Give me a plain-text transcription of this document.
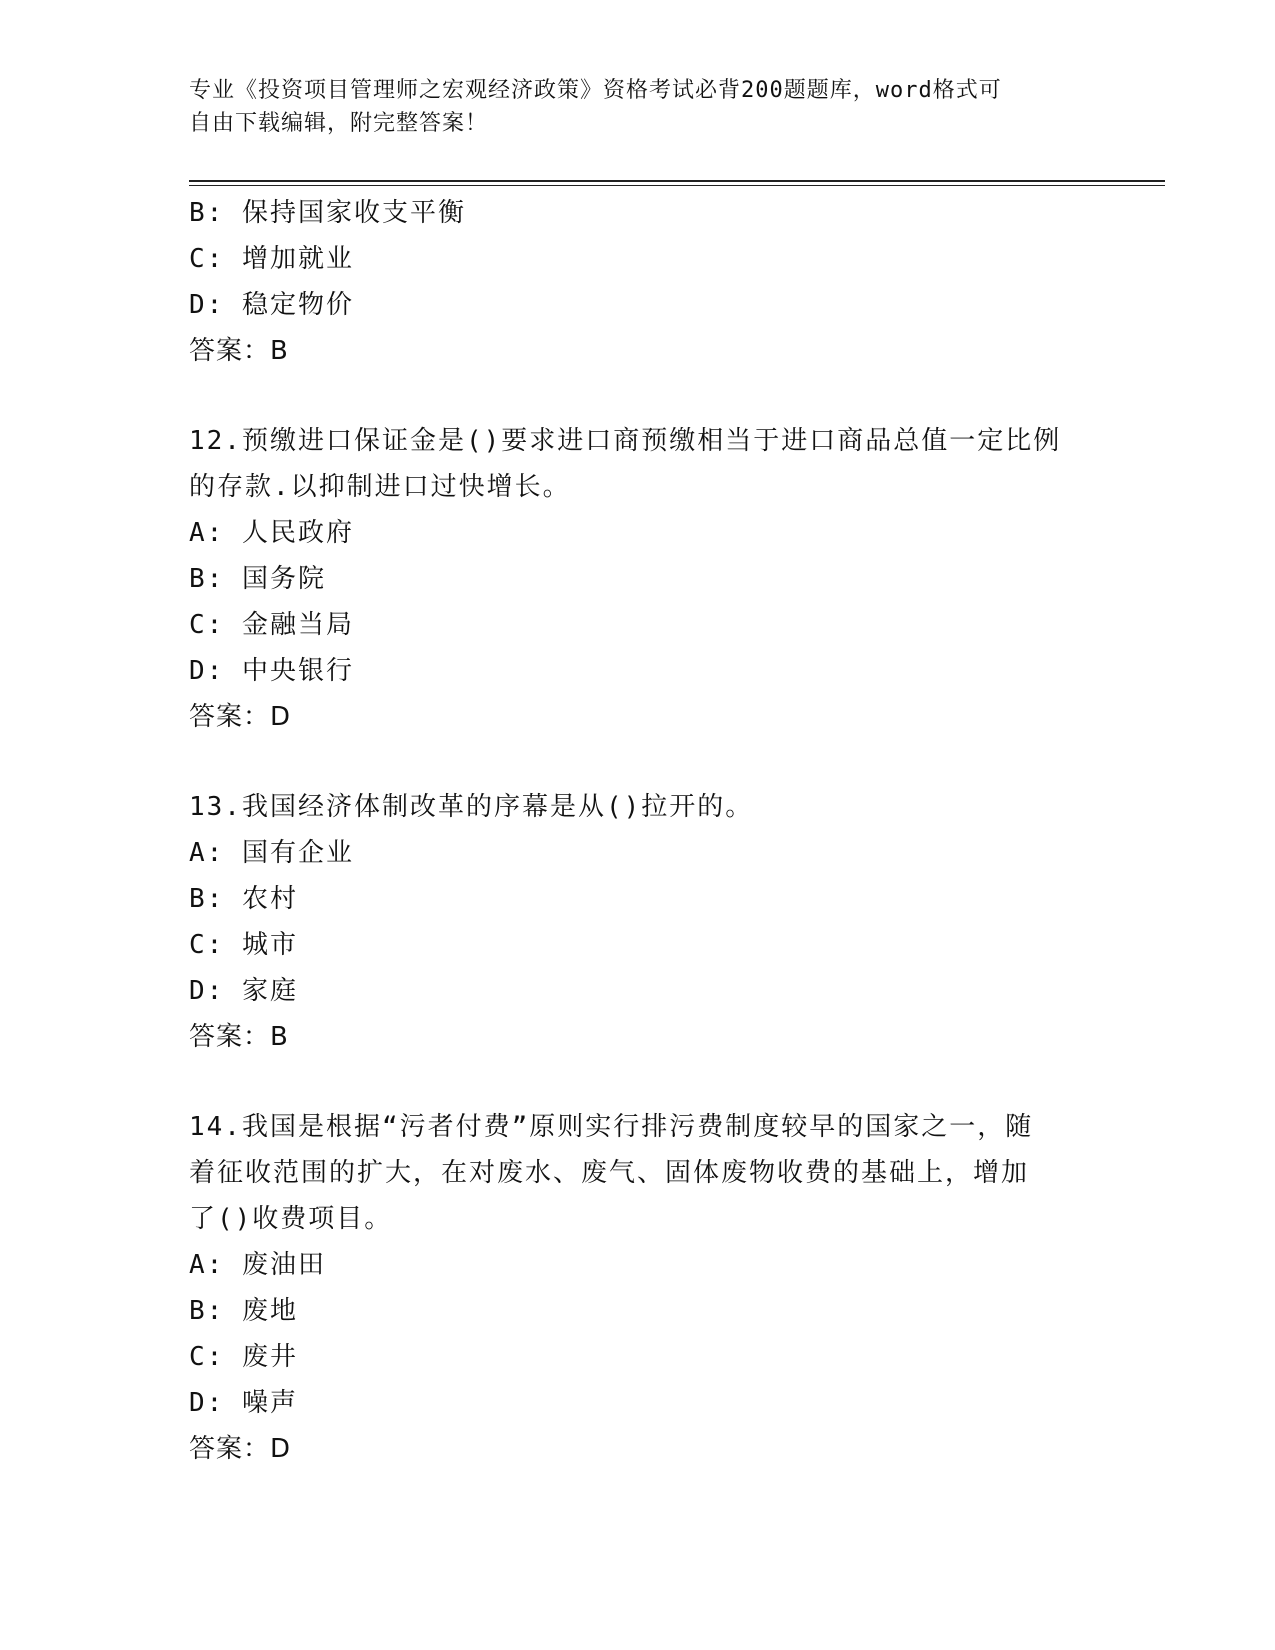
专业《投资项目管理师之宏观经济政策》资格考试必背200题题库，word格式可
自由下载编辑，附完整答案！
B: 保持国家收支平衡
C: 增加就业
D: 稳定物价
答案：B
12.预缴进口保证金是()要求进口商预缴相当于进口商品总值一定比例
的存款.以抑制进口过快增长。
A: 人民政府
B: 国务院
C: 金融当局
D: 中央银行
答案：D
13.我国经济体制改革的序幕是从()拉开的。
A: 国有企业
B: 农村
C: 城市
D: 家庭
答案：B
14.我国是根据“污者付费”原则实行排污费制度较早的国家之一，随
着征收范围的扩大，在对废水、废气、固体废物收费的基础上，增加
了()收费项目。
A: 废油田
B: 废地
C: 废井
D: 噪声
答案：D
